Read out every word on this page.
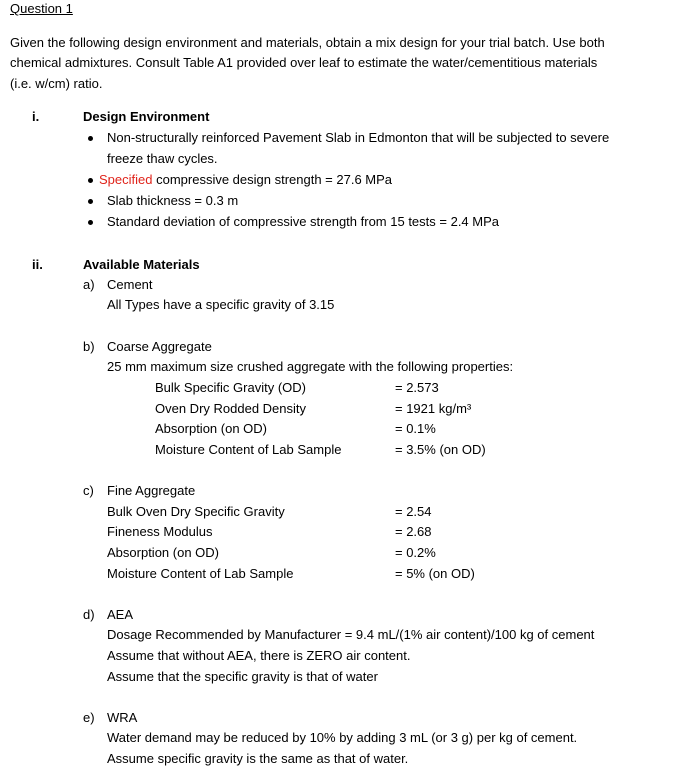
Question 1
Given the following design environment and materials, obtain a mix design for your trial batch. Use both
chemical admixtures. Consult Table A1 provided over leaf to estimate the water/cementitious materials
(i.e. w/cm) ratio.
i.	Design Environment
Non-structurally reinforced Pavement Slab in Edmonton that will be subjected to severe
freeze thaw cycles.
Specified compressive design strength = 27.6 MPa
Slab thickness = 0.3 m
Standard deviation of compressive strength from 15 tests = 2.4 MPa
ii.	Available Materials
a) Cement
All Types have a specific gravity of 3.15
b) Coarse Aggregate
25 mm maximum size crushed aggregate with the following properties:
Bulk Specific Gravity (OD)	= 2.573
Oven Dry Rodded Density	= 1921 kg/m³
Absorption (on OD)	= 0.1%
Moisture Content of Lab Sample	= 3.5% (on OD)
c) Fine Aggregate
Bulk Oven Dry Specific Gravity	= 2.54
Fineness Modulus	= 2.68
Absorption (on OD)	= 0.2%
Moisture Content of Lab Sample	= 5% (on OD)
d) AEA
Dosage Recommended by Manufacturer = 9.4 mL/(1% air content)/100 kg of cement
Assume that without AEA, there is ZERO air content.
Assume that the specific gravity is that of water
e) WRA
Water demand may be reduced by 10% by adding 3 mL (or 3 g) per kg of cement.
Assume specific gravity is the same as that of water.
